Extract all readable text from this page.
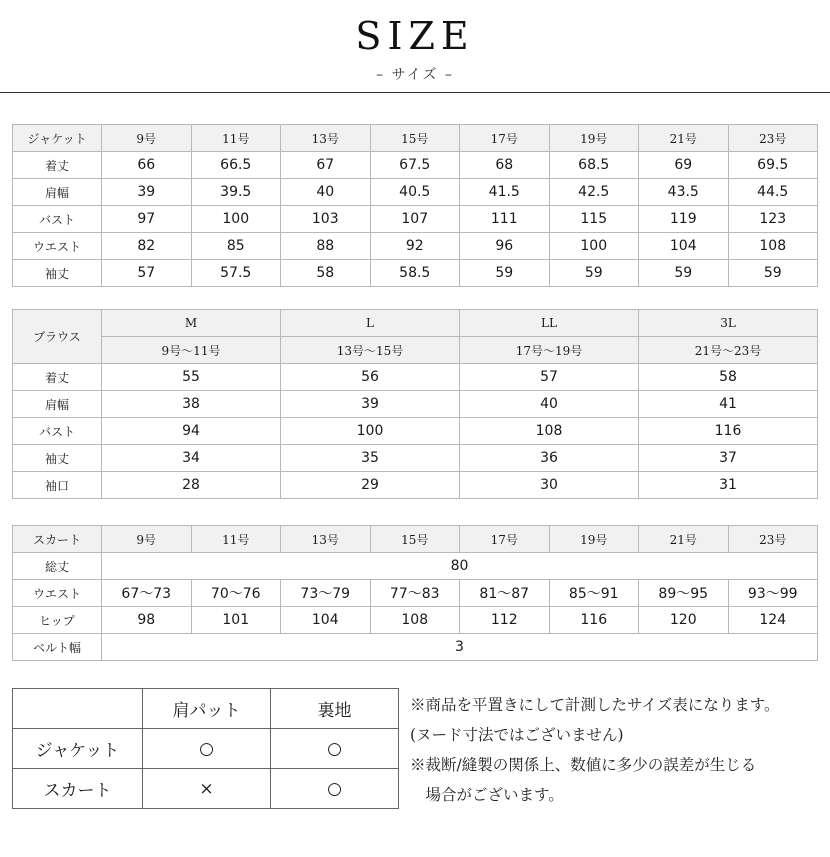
SIZE
– サイズ –
ジャケット	9号	11号	13号	15号	17号	19号	21号	23号
着丈	66	66.5	67	67.5	68	68.5	69	69.5
肩幅	39	39.5	40	40.5	41.5	42.5	43.5	44.5
バスト	97	100	103	107	111	115	119	123
ウエスト	82	85	88	92	96	100	104	108
袖丈	57	57.5	58	58.5	59	59	59	59
ブラウス	M	L	LL	3L
	9号～11号	13号～15号	17号～19号	21号～23号
着丈	55	56	57	58
肩幅	38	39	40	41
バスト	94	100	108	116
袖丈	34	35	36	37
袖口	28	29	30	31
スカート	9号	11号	13号	15号	17号	19号	21号	23号
総丈	80							
ウエスト	67～73	70～76	73～79	77～83	81～87	85～91	89～95	93～99
ヒップ	98	101	104	108	112	116	120	124
ベルト幅	3							
	肩パット	裏地
ジャケット	○	○
スカート	×	○
※商品を平置きにして計測したサイズ表になります。
(ヌード寸法ではございません)
※裁断/縫製の関係上、数値に多少の誤差が生じる
　場合がございます。
